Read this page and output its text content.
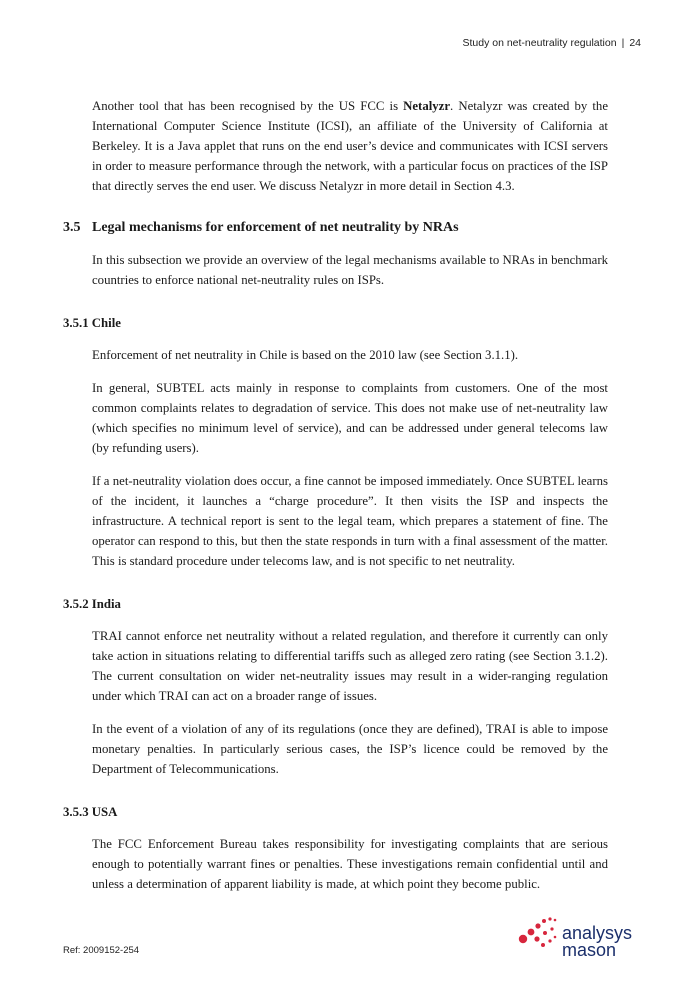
Study on net-neutrality regulation | 24

Another tool that has been recognised by the US FCC is Netalyzr. Netalyzr was created by the International Computer Science Institute (ICSI), an affiliate of the University of California at Berkeley. It is a Java applet that runs on the end user’s device and communicates with ICSI servers in order to measure performance through the network, with a particular focus on practices of the ISP that directly serves the end user. We discuss Netalyzr in more detail in Section 4.3.

3.5 Legal mechanisms for enforcement of net neutrality by NRAs

In this subsection we provide an overview of the legal mechanisms available to NRAs in benchmark countries to enforce national net-neutrality rules on ISPs.

3.5.1 Chile

Enforcement of net neutrality in Chile is based on the 2010 law (see Section 3.1.1).

In general, SUBTEL acts mainly in response to complaints from customers. One of the most common complaints relates to degradation of service. This does not make use of net-neutrality law (which specifies no minimum level of service), and can be addressed under general telecoms law (by refunding users).

If a net-neutrality violation does occur, a fine cannot be imposed immediately. Once SUBTEL learns of the incident, it launches a “charge procedure”. It then visits the ISP and inspects the infrastructure. A technical report is sent to the legal team, which prepares a statement of fine. The operator can respond to this, but then the state responds in turn with a final assessment of the matter. This is standard procedure under telecoms law, and is not specific to net neutrality.

3.5.2 India

TRAI cannot enforce net neutrality without a related regulation, and therefore it currently can only take action in situations relating to differential tariffs such as alleged zero rating (see Section 3.1.2). The current consultation on wider net-neutrality issues may result in a wider-ranging regulation under which TRAI can act on a broader range of issues.

In the event of a violation of any of its regulations (once they are defined), TRAI is able to impose monetary penalties. In particularly serious cases, the ISP’s licence could be removed by the Department of Telecommunications.

3.5.3 USA

The FCC Enforcement Bureau takes responsibility for investigating complaints that are serious enough to potentially warrant fines or penalties. These investigations remain confidential until and unless a determination of apparent liability is made, at which point they become public.

Ref: 2009152-254
analysys
mason
